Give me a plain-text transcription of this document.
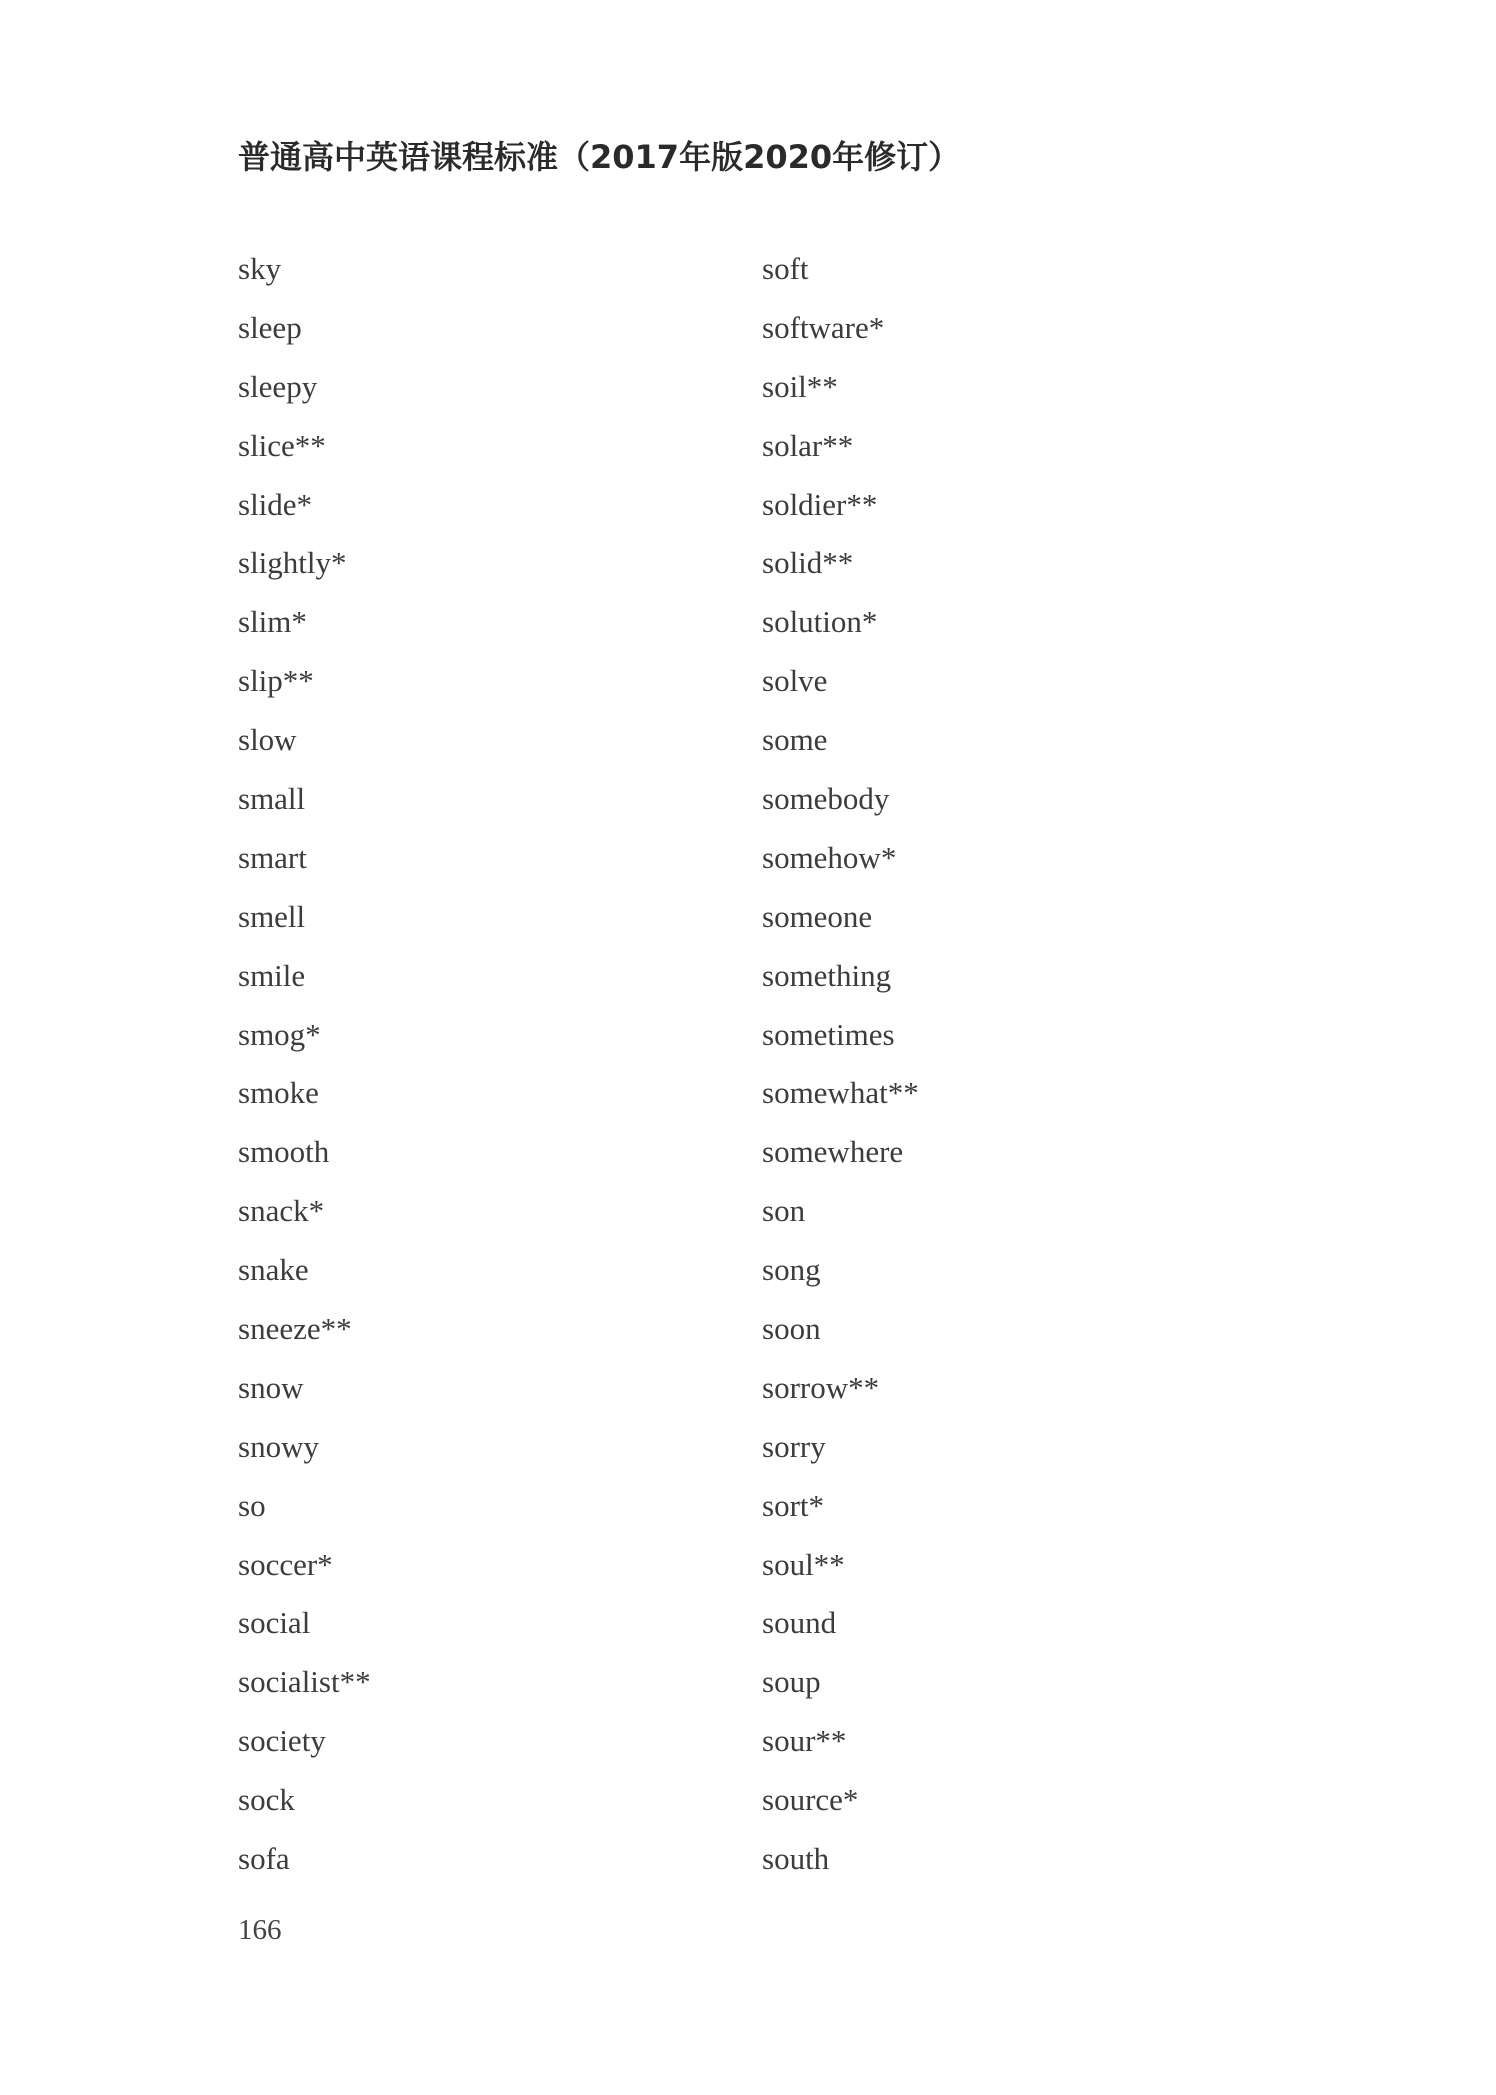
普通高中英语课程标准（2017年版2020年修订）
sky
sleep
sleepy
slice**
slide*
slightly*
slim*
slip**
slow
small
smart
smell
smile
smog*
smoke
smooth
snack*
snake
sneeze**
snow
snowy
so
soccer*
social
socialist**
society
sock
sofa
soft
software*
soil**
solar**
soldier**
solid**
solution*
solve
some
somebody
somehow*
someone
something
sometimes
somewhat**
somewhere
son
song
soon
sorrow**
sorry
sort*
soul**
sound
soup
sour**
source*
south

166
